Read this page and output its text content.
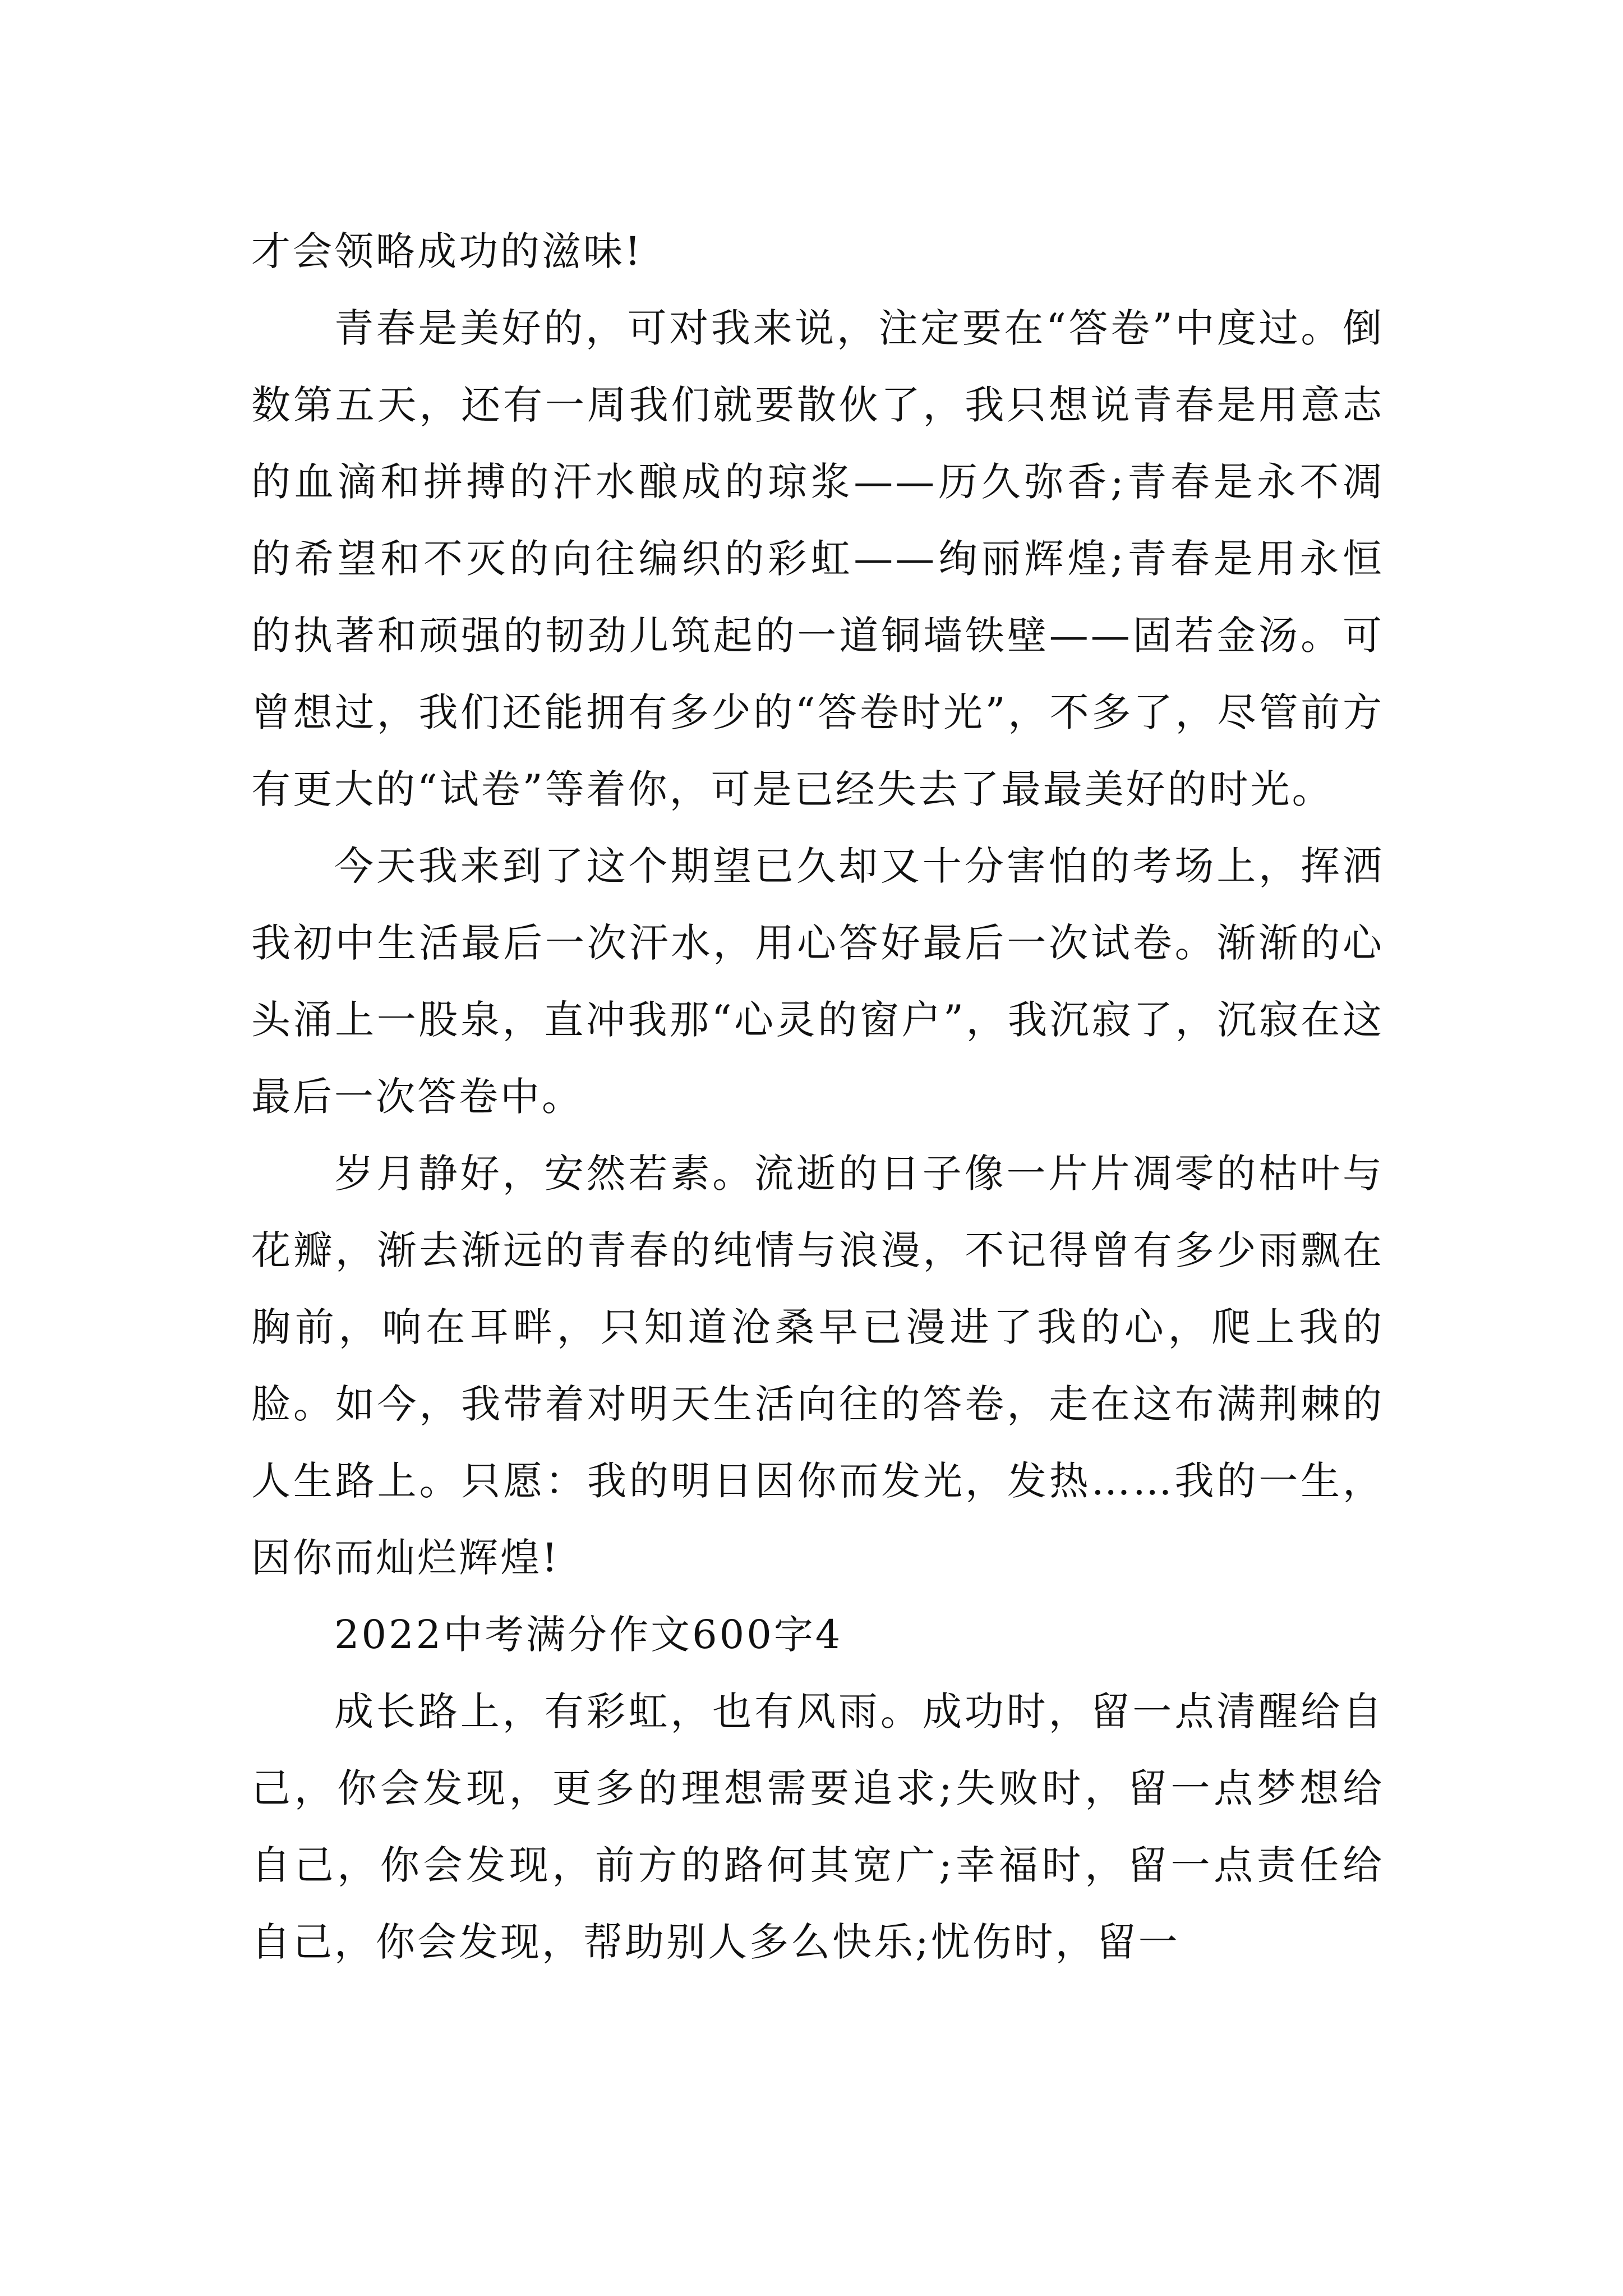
才会领略成功的滋味!

青春是美好的，可对我来说，注定要在“答卷”中度过。倒数第五天，还有一周我们就要散伙了，我只想说青春是用意志的血滴和拼搏的汗水酿成的琼浆——历久弥香;青春是永不凋的希望和不灭的向往编织的彩虹——绚丽辉煌;青春是用永恒的执著和顽强的韧劲儿筑起的一道铜墙铁壁——固若金汤。可曾想过，我们还能拥有多少的“答卷时光”，不多了，尽管前方有更大的“试卷”等着你，可是已经失去了最最美好的时光。

今天我来到了这个期望已久却又十分害怕的考场上，挥洒我初中生活最后一次汗水，用心答好最后一次试卷。渐渐的心头涌上一股泉，直冲我那“心灵的窗户”，我沉寂了，沉寂在这最后一次答卷中。

岁月静好，安然若素。流逝的日子像一片片凋零的枯叶与花瓣，渐去渐远的青春的纯情与浪漫，不记得曾有多少雨飘在胸前，响在耳畔，只知道沧桑早已漫进了我的心，爬上我的脸。如今，我带着对明天生活向往的答卷，走在这布满荆棘的人生路上。只愿：我的明日因你而发光，发热……我的一生，因你而灿烂辉煌!

2022中考满分作文600字4

成长路上，有彩虹，也有风雨。成功时，留一点清醒给自己，你会发现，更多的理想需要追求;失败时，留一点梦想给自己，你会发现，前方的路何其宽广;幸福时，留一点责任给自己，你会发现，帮助别人多么快乐;忧伤时，留一
